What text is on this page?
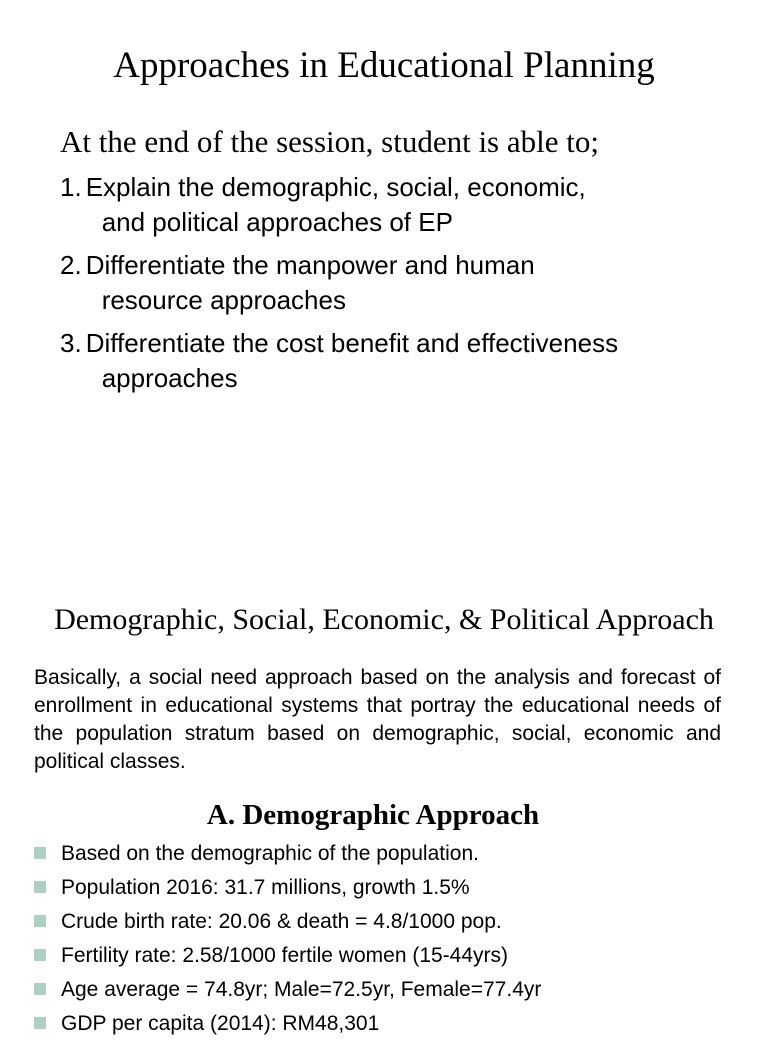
Approaches in Educational Planning
At the end of the session, student is able to;
1. Explain the demographic, social, economic,
and political approaches of EP
2. Differentiate the manpower and human
resource approaches
3. Differentiate the cost benefit and effectiveness
approaches
Demographic, Social, Economic, & Political Approach

Basically, a social need approach based on the analysis and forecast of enrollment in educational systems that portray the educational needs of the population stratum based on demographic, social, economic and political classes.

A. Demographic Approach
Based on the demographic of the population.
Population 2016: 31.7 millions, growth 1.5%
Crude birth rate: 20.06 & death = 4.8/1000 pop.
Fertility rate: 2.58/1000 fertile women (15-44yrs)
Age average = 74.8yr; Male=72.5yr, Female=77.4yr
GDP per capita (2014): RM48,301
